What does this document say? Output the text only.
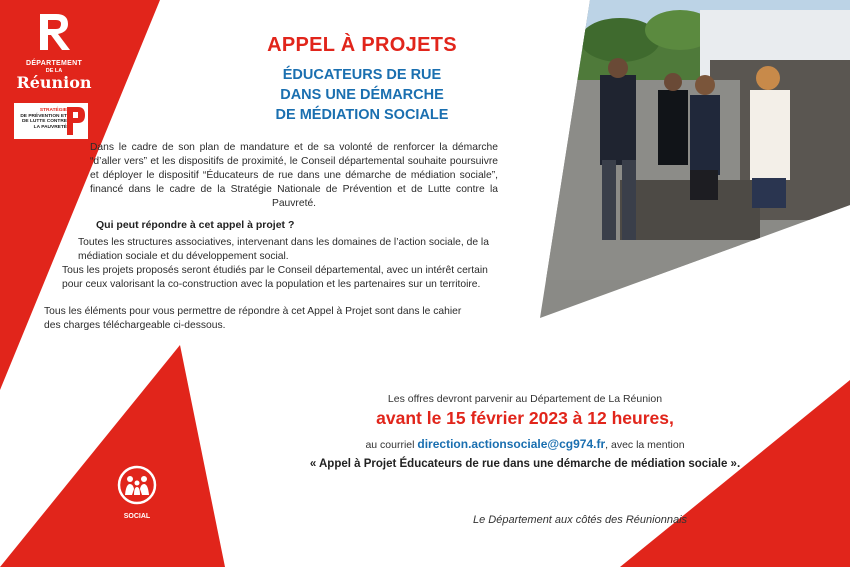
DÉPARTEMENT
DE LA
Réunion
STRATÉGIE
DE PRÉVENTION ET
DE LUTTE CONTRE
LA PAUVRETÉ
APPEL À PROJETS
ÉDUCATEURS DE RUE
DANS UNE DÉMARCHE
DE MÉDIATION SOCIALE
Dans le cadre de son plan de mandature et de sa volonté de renforcer la démarche “d’aller vers” et les dispositifs de proximité, le Conseil départemental souhaite poursuivre et déployer le dispositif “Éducateurs de rue dans une démarche de médiation sociale”, financé dans le cadre de la Stratégie Nationale de Prévention et de Lutte contre la Pauvreté.
Qui peut répondre à cet appel à projet ?
Toutes les structures associatives, intervenant dans les domaines de l’action sociale, de la médiation sociale et du développement social.
Tous les projets proposés seront étudiés par le Conseil départemental, avec un intérêt certain pour ceux valorisant la co-construction avec la population et les partenaires sur un territoire.
Tous les éléments pour vous permettre de répondre à cet Appel à Projet sont dans le cahier des charges téléchargeable ci-dessous.
Les offres devront parvenir au Département de La Réunion
avant le 15 février 2023 à 12 heures,
au courriel direction.actionsociale@cg974.fr, avec la mention
« Appel à Projet Éducateurs de rue dans une démarche de médiation sociale ».
SOCIAL	Le Département aux côtés des Réunionnais
